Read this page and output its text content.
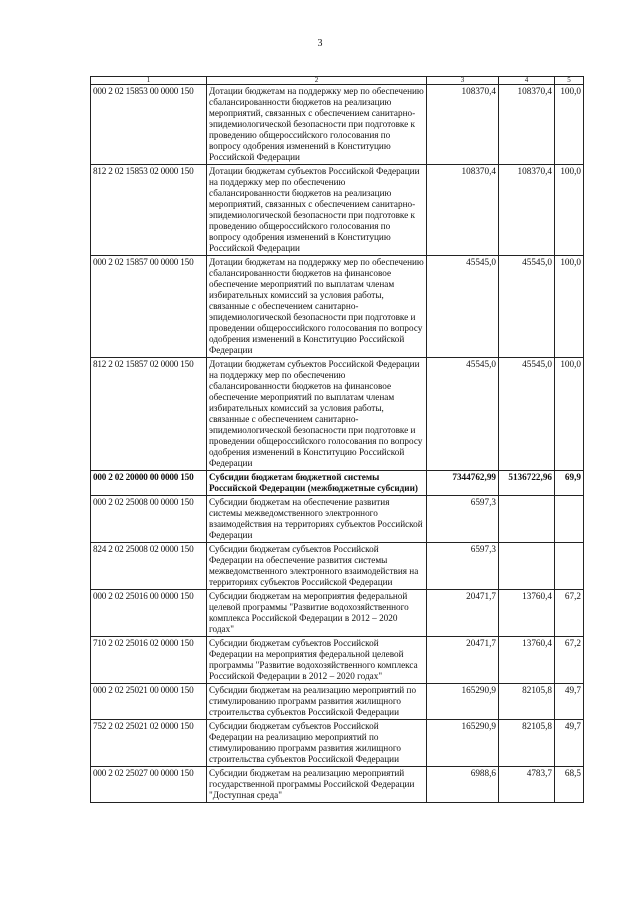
3
1	2	3	4	5
000 2 02 15853 00 0000 150	Дотации бюджетам на поддержку мер по обеспечению сбалансированности бюджетов на реализацию мероприятий, связанных с обеспечением санитарно-эпидемиологической безопасности при подготовке к проведению общероссийского голосования по вопросу одобрения изменений в Конституцию Российской Федерации	108370,4	108370,4	100,0
812 2 02 15853 02 0000 150	Дотации бюджетам субъектов Российской Федерации на поддержку мер по обеспечению сбалансированности бюджетов на реализацию мероприятий, связанных с обеспечением санитарно-эпидемиологической безопасности при подготовке к проведению общероссийского голосования по вопросу одобрения изменений в Конституцию Российской Федерации	108370,4	108370,4	100,0
000 2 02 15857 00 0000 150	Дотации бюджетам на поддержку мер по обеспечению сбалансированности бюджетов на финансовое обеспечение мероприятий по выплатам членам избирательных комиссий за условия работы, связанные с обеспечением санитарно-эпидемиологической безопасности при подготовке и проведении общероссийского голосования по вопросу одобрения изменений в Конституцию Российской Федерации	45545,0	45545,0	100,0
812 2 02 15857 02 0000 150	Дотации бюджетам субъектов Российской Федерации на поддержку мер по обеспечению сбалансированности бюджетов на финансовое обеспечение мероприятий по выплатам членам избирательных комиссий за условия работы, связанные с обеспечением санитарно-эпидемиологической безопасности при подготовке и проведении общероссийского голосования по вопросу одобрения изменений в Конституцию Российской Федерации	45545,0	45545,0	100,0
000 2 02 20000 00 0000 150	Субсидии бюджетам бюджетной системы Российской Федерации (межбюджетные субсидии)	7344762,99	5136722,96	69,9
000 2 02 25008 00 0000 150	Субсидии бюджетам на обеспечение развития системы межведомственного электронного взаимодействия на территориях субъектов Российской Федерации	6597,3		
824 2 02 25008 02 0000 150	Субсидии бюджетам субъектов Российской Федерации на обеспечение развития системы межведомственного электронного взаимодействия на территориях субъектов Российской Федерации	6597,3		
000 2 02 25016 00 0000 150	Субсидии бюджетам на мероприятия федеральной целевой программы "Развитие водохозяйственного комплекса Российской Федерации в 2012 – 2020 годах"	20471,7	13760,4	67,2
710 2 02 25016 02 0000 150	Субсидии бюджетам субъектов Российской Федерации на мероприятия федеральной целевой программы "Развитие водохозяйственного комплекса Российской Федерации в 2012 – 2020 годах"	20471,7	13760,4	67,2
000 2 02 25021 00 0000 150	Субсидии бюджетам на реализацию мероприятий по стимулированию программ развития жилищного строительства субъектов Российской Федерации	165290,9	82105,8	49,7
752 2 02 25021 02 0000 150	Субсидии бюджетам субъектов Российской Федерации на реализацию мероприятий по стимулированию программ развития жилищного строительства субъектов Российской Федерации	165290,9	82105,8	49,7
000 2 02 25027 00 0000 150	Субсидии бюджетам на реализацию мероприятий государственной программы Российской Федерации "Доступная среда"	6988,6	4783,7	68,5
